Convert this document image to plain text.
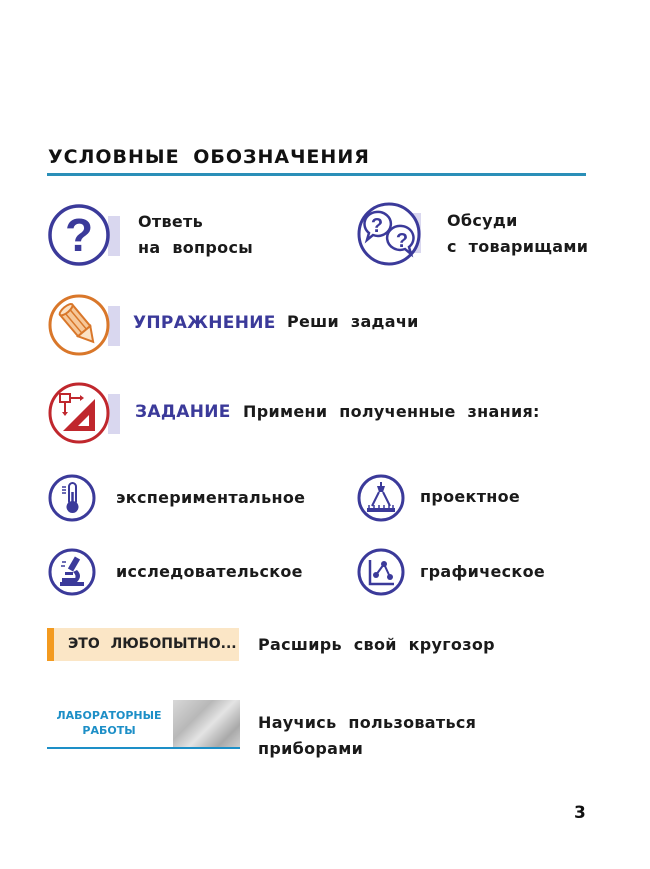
УСЛОВНЫЕ ОБОЗНАЧЕНИЯ
?	Ответь
на вопросы
?
?
Обсуди
с товарищами
УПРАЖНЕНИЕ Реши задачи
ЗАДАНИЕ Примени полученные знания:
экспериментальное	проектное
исследовательское	графическое
ЭТО ЛЮБОПЫТНО... Расширь свой кругозор
ЛАБОРАТОРНЫЕ
РАБОТЫ	Научись пользоваться
приборами
3
